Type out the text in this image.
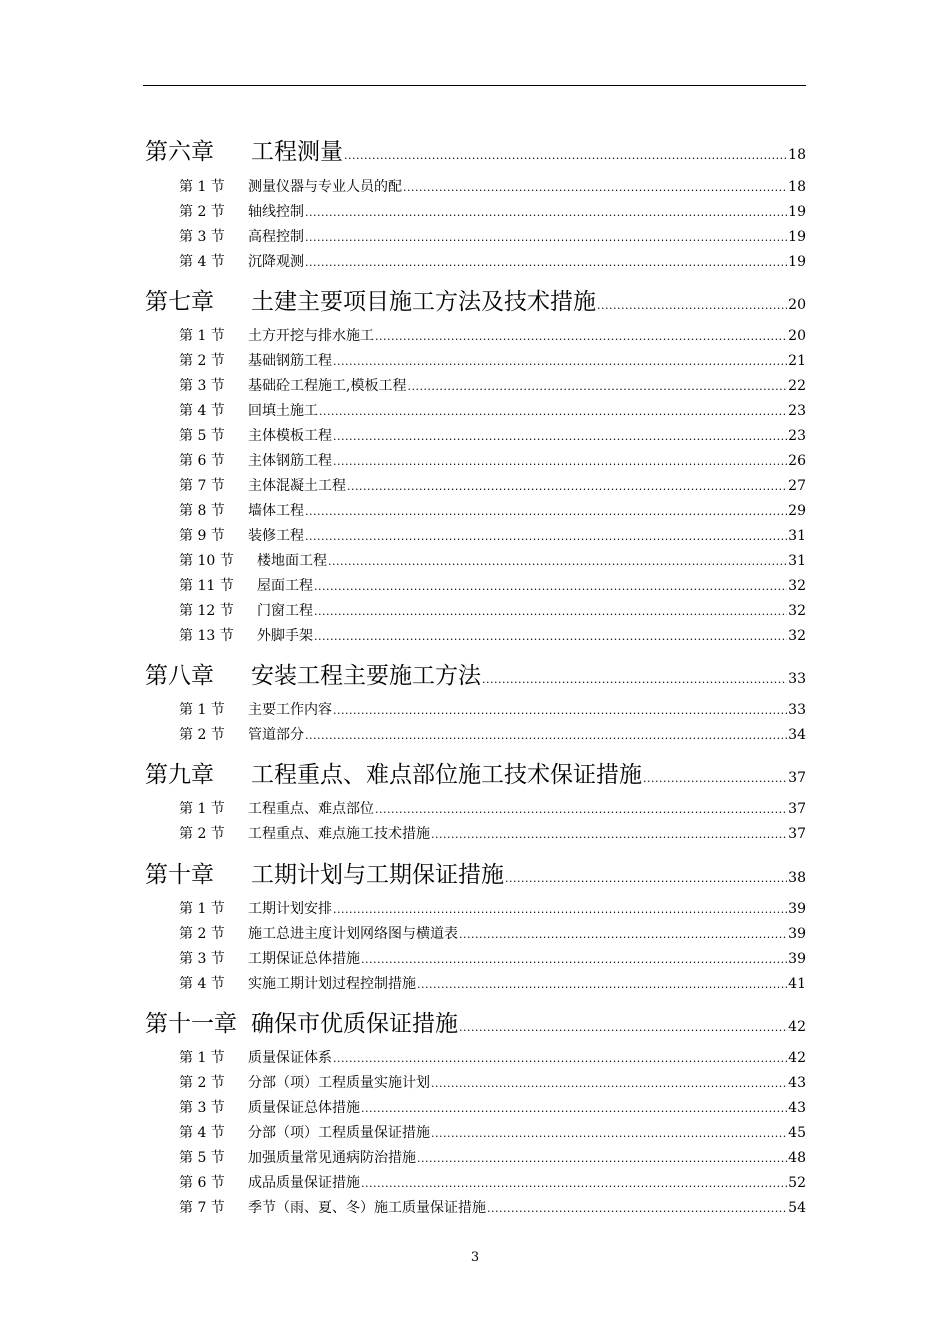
第六章	工程测量 .....	18
第 1 节	测量仪器与专业人员的配 .....	18
第 2 节	轴线控制 .....	19
第 3 节	高程控制 .....	19
第 4 节	沉降观测 .....	19
第七章	土建主要项目施工方法及技术措施 .....	20
第 1 节	土方开挖与排水施工 .....	20
第 2 节	基础钢筋工程 .....	21
第 3 节	基础砼工程施工,模板工程 .....	22
第 4 节	回填土施工 .....	23
第 5 节	主体模板工程 .....	23
第 6 节	主体钢筋工程 .....	26
第 7 节	主体混凝土工程 .....	27
第 8 节	墙体工程 .....	29
第 9 节	装修工程 .....	31
第 10 节	楼地面工程 .....	31
第 11 节	屋面工程 .....	32
第 12 节	门窗工程 .....	32
第 13 节	外脚手架 .....	32
第八章	安装工程主要施工方法 .....	33
第 1 节	主要工作内容 .....	33
第 2 节	管道部分 .....	34
第九章	工程重点、难点部位施工技术保证措施 .....	37
第 1 节	工程重点、难点部位 .....	37
第 2 节	工程重点、难点施工技术措施 .....	37
第十章	工期计划与工期保证措施 .....	38
第 1 节	工期计划安排 .....	39
第 2 节	施工总进主度计划网络图与横道表 .....	39
第 3 节	工期保证总体措施 .....	39
第 4 节	实施工期计划过程控制措施 .....	41
第十一章 确保市优质保证措施 .....	42
第 1 节	质量保证体系 .....	42
第 2 节	分部（项）工程质量实施计划 .....	43
第 3 节	质量保证总体措施 .....	43
第 4 节	分部（项）工程质量保证措施 .....	45
第 5 节	加强质量常见通病防治措施 .....	48
第 6 节	成品质量保证措施 .....	52
第 7 节	季节（雨、夏、冬）施工质量保证措施 .....	54
3
